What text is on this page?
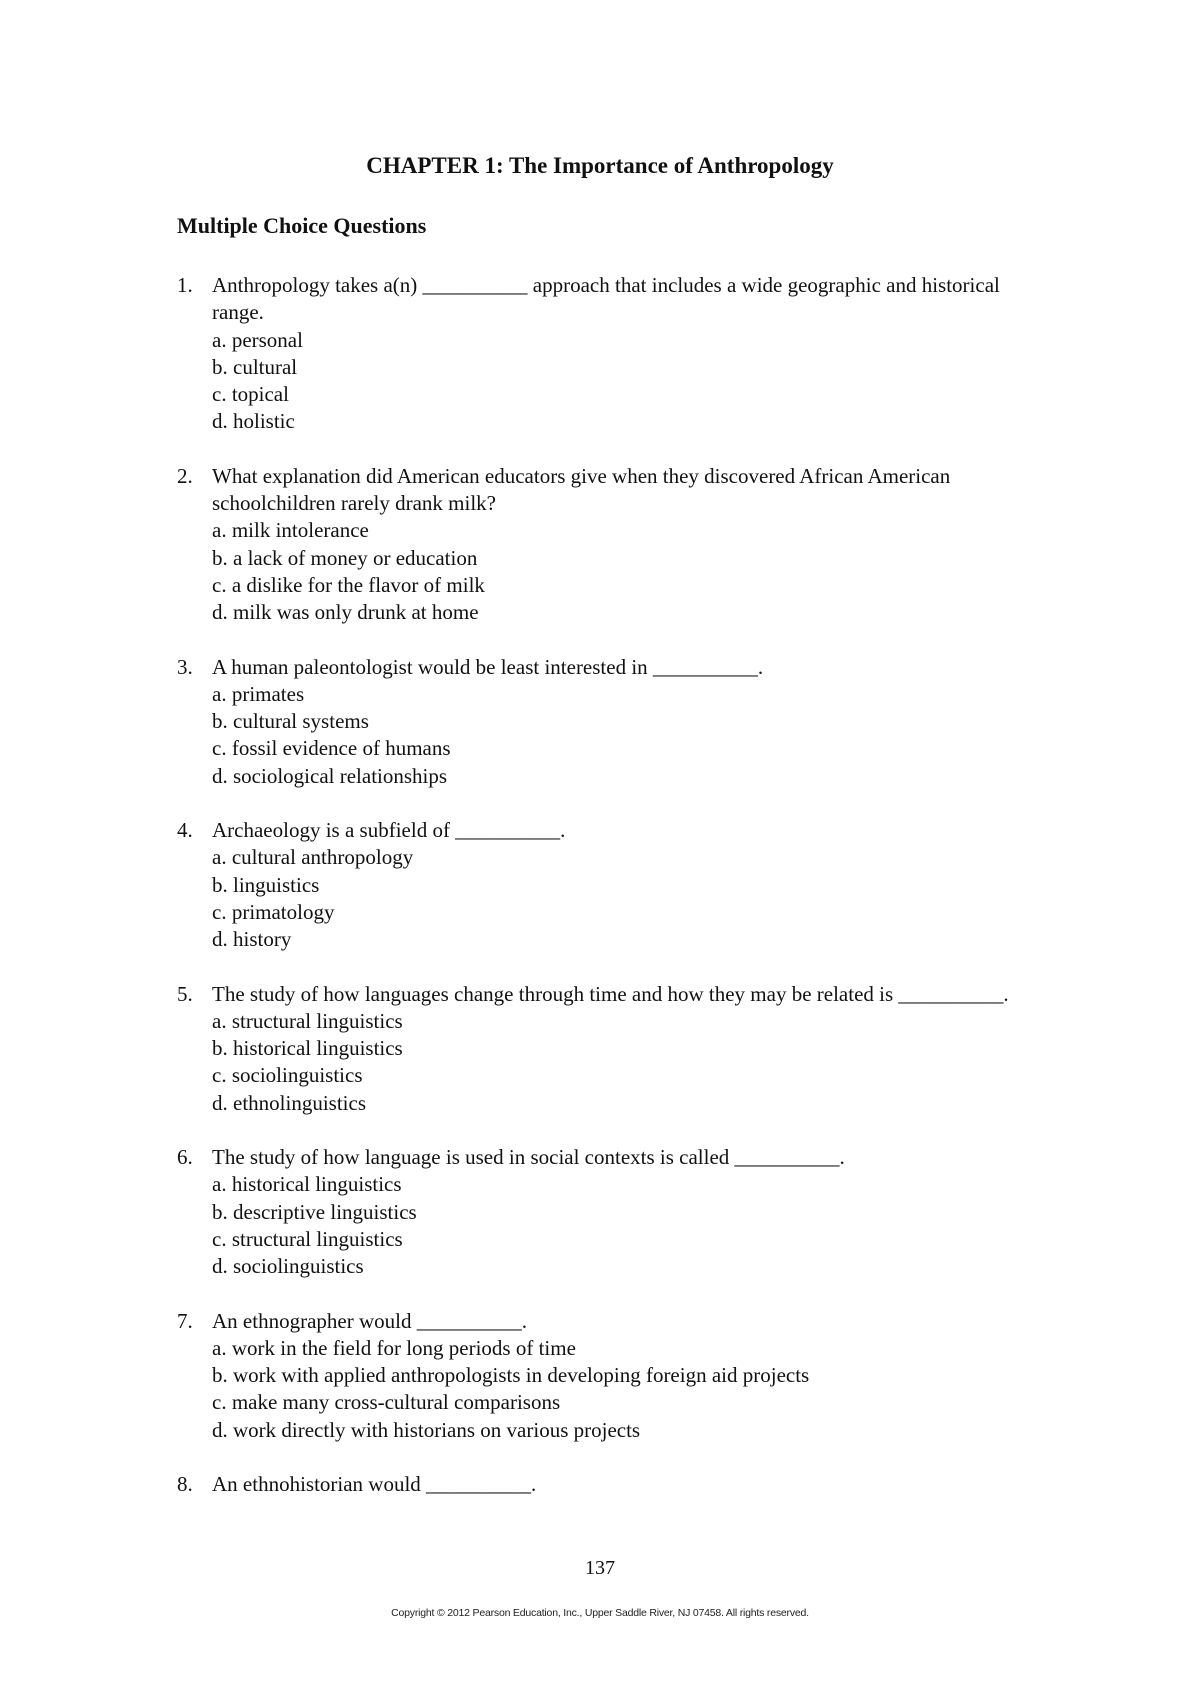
CHAPTER 1: The Importance of Anthropology
Multiple Choice Questions
1. Anthropology takes a(n) __________ approach that includes a wide geographic and historical range.

a. personal
b. cultural
c. topical
d. holistic
2. What explanation did American educators give when they discovered African American schoolchildren rarely drank milk?

a. milk intolerance
b. a lack of money or education
c. a dislike for the flavor of milk
d. milk was only drunk at home
3. A human paleontologist would be least interested in __________.

a. primates
b. cultural systems
c. fossil evidence of humans
d. sociological relationships
4. Archaeology is a subfield of __________.

a. cultural anthropology
b. linguistics
c. primatology
d. history
5. The study of how languages change through time and how they may be related is __________.

a. structural linguistics
b. historical linguistics
c. sociolinguistics
d. ethnolinguistics
6. The study of how language is used in social contexts is called __________.

a. historical linguistics
b. descriptive linguistics
c. structural linguistics
d. sociolinguistics
7. An ethnographer would __________.

a. work in the field for long periods of time
b. work with applied anthropologists in developing foreign aid projects
c. make many cross-cultural comparisons
d. work directly with historians on various projects
8. An ethnohistorian would __________.

137
Copyright © 2012 Pearson Education, Inc., Upper Saddle River, NJ 07458. All rights reserved.
